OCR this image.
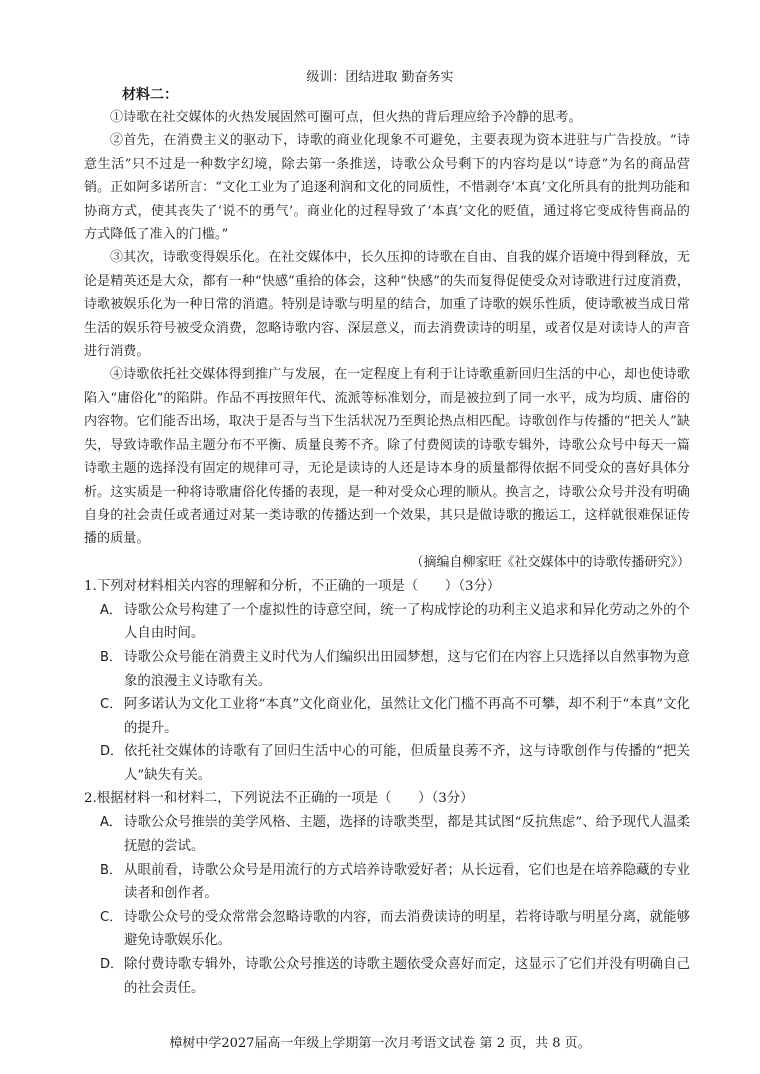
级训：团结进取 勤奋务实

材料二：

①诗歌在社交媒体的火热发展固然可圈可点，但火热的背后理应给予冷静的思考。

②首先，在消费主义的驱动下，诗歌的商业化现象不可避免，主要表现为资本进驻与广告投放。“诗意生活”只不过是一种数字幻境，除去第一条推送，诗歌公众号剩下的内容均是以“诗意”为名的商品营销。正如阿多诺所言：“文化工业为了追逐利润和文化的同质性，不惜剥夺‘本真’文化所具有的批判功能和协商方式，使其丧失了‘说不的勇气’。商业化的过程导致了‘本真’文化的贬值，通过将它变成待售商品的方式降低了准入的门槛。”

③其次，诗歌变得娱乐化。在社交媒体中，长久压抑的诗歌在自由、自我的媒介语境中得到释放，无论是精英还是大众，都有一种“快感”重拾的体会，这种“快感”的失而复得促使受众对诗歌进行过度消费，诗歌被娱乐化为一种日常的消遣。特别是诗歌与明星的结合，加重了诗歌的娱乐性质，使诗歌被当成日常生活的娱乐符号被受众消费，忽略诗歌内容、深层意义，而去消费读诗的明星，或者仅是对读诗人的声音进行消费。

④诗歌依托社交媒体得到推广与发展，在一定程度上有利于让诗歌重新回归生活的中心，却也使诗歌陷入“庸俗化”的陷阱。作品不再按照年代、流派等标准划分，而是被拉到了同一水平，成为均质、庸俗的内容物。它们能否出场，取决于是否与当下生活状况乃至舆论热点相匹配。诗歌创作与传播的“把关人”缺失，导致诗歌作品主题分布不平衡、质量良莠不齐。除了付费阅读的诗歌专辑外，诗歌公众号中每天一篇诗歌主题的选择没有固定的规律可寻，无论是读诗的人还是诗本身的质量都得依据不同受众的喜好具体分析。这实质是一种将诗歌庸俗化传播的表现，是一种对受众心理的顺从。换言之，诗歌公众号并没有明确自身的社会责任或者通过对某一类诗歌的传播达到一个效果，其只是做诗歌的搬运工，这样就很难保证传播的质量。

（摘编自柳家旺《社交媒体中的诗歌传播研究》）

1.下列对材料相关内容的理解和分析，不正确的一项是（　　）（3分）

A． 诗歌公众号构建了一个虚拟性的诗意空间，统一了构成悖论的功利主义追求和异化劳动之外的个人自由时间。
B． 诗歌公众号能在消费主义时代为人们编织出田园梦想，这与它们在内容上只选择以自然事物为意象的浪漫主义诗歌有关。
C． 阿多诺认为文化工业将“本真”文化商业化，虽然让文化门槛不再高不可攀，却不利于“本真”文化的提升。
D． 依托社交媒体的诗歌有了回归生活中心的可能，但质量良莠不齐，这与诗歌创作与传播的“把关人”缺失有关。

2.根据材料一和材料二，下列说法不正确的一项是（　　）（3分）

A． 诗歌公众号推崇的美学风格、主题，选择的诗歌类型，都是其试图“反抗焦虑”、给予现代人温柔抚慰的尝试。
B． 从眼前看，诗歌公众号是用流行的方式培养诗歌爱好者；从长远看，它们也是在培养隐藏的专业读者和创作者。
C． 诗歌公众号的受众常常会忽略诗歌的内容，而去消费读诗的明星，若将诗歌与明星分离，就能够避免诗歌娱乐化。
D． 除付费诗歌专辑外，诗歌公众号推送的诗歌主题依受众喜好而定，这显示了它们并没有明确自己的社会责任。
樟树中学2027届高一年级上学期第一次月考语文试卷 第 2 页，共 8 页。
